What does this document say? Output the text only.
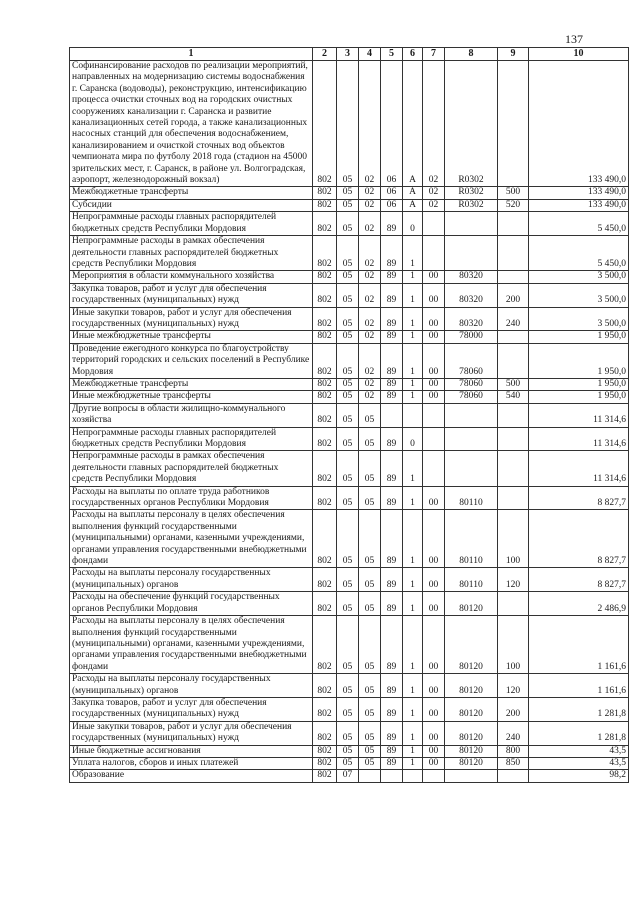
137
1	2	3	4	5	6	7	8	9	10
Софинансирование расходов по реализации мероприятий, направленных на модернизацию системы водоснабжения г. Саранска (водоводы), реконструкцию, интенсификацию процесса очистки сточных вод на городских очистных сооружениях канализации г. Саранска и развитие канализационных сетей города, а также канализационных насосных станций для обеспечения водоснабжением, канализированием и очисткой сточных вод объектов чемпионата мира по футболу 2018 года (стадион на 45000 зрительских мест, г. Саранск, в районе ул. Волгоградская, аэропорт, железнодорожный вокзал)	802	05	02	06	A	02	R0302		133 490,0
Межбюджетные трансферты	802	05	02	06	A	02	R0302	500	133 490,0
Субсидии	802	05	02	06	A	02	R0302	520	133 490,0
Непрограммные расходы главных распорядителей бюджетных средств Республики Мордовия	802	05	02	89	0				5 450,0
Непрограммные расходы в рамках обеспечения деятельности главных распорядителей бюджетных средств Республики Мордовия	802	05	02	89	1				5 450,0
Мероприятия в области коммунального хозяйства	802	05	02	89	1	00	80320		3 500,0
Закупка товаров, работ и услуг для обеспечения государственных (муниципальных) нужд	802	05	02	89	1	00	80320	200	3 500,0
Иные закупки товаров, работ и услуг для обеспечения государственных (муниципальных) нужд	802	05	02	89	1	00	80320	240	3 500,0
Иные межбюджетные трансферты	802	05	02	89	1	00	78000		1 950,0
Проведение ежегодного конкурса по благоустройству территорий городских и сельских поселений в Республике Мордовия	802	05	02	89	1	00	78060		1 950,0
Межбюджетные трансферты	802	05	02	89	1	00	78060	500	1 950,0
Иные межбюджетные трансферты	802	05	02	89	1	00	78060	540	1 950,0
Другие вопросы в области жилищно-коммунального хозяйства	802	05	05						11 314,6
Непрограммные расходы главных распорядителей бюджетных средств Республики Мордовия	802	05	05	89	0				11 314,6
Непрограммные расходы в рамках обеспечения деятельности главных распорядителей бюджетных средств Республики Мордовия	802	05	05	89	1				11 314,6
Расходы на выплаты по оплате труда работников государственных органов Республики Мордовия	802	05	05	89	1	00	80110		8 827,7
Расходы на выплаты персоналу в целях обеспечения выполнения функций государственными (муниципальными) органами, казенными учреждениями, органами управления государственными внебюджетными фондами	802	05	05	89	1	00	80110	100	8 827,7
Расходы на выплаты персоналу государственных (муниципальных) органов	802	05	05	89	1	00	80110	120	8 827,7
Расходы на обеспечение функций государственных органов Республики Мордовия	802	05	05	89	1	00	80120		2 486,9
Расходы на выплаты персоналу в целях обеспечения выполнения функций государственными (муниципальными) органами, казенными учреждениями, органами управления государственными внебюджетными фондами	802	05	05	89	1	00	80120	100	1 161,6
Расходы на выплаты персоналу государственных (муниципальных) органов	802	05	05	89	1	00	80120	120	1 161,6
Закупка товаров, работ и услуг для обеспечения государственных (муниципальных) нужд	802	05	05	89	1	00	80120	200	1 281,8
Иные закупки товаров, работ и услуг для обеспечения государственных (муниципальных) нужд	802	05	05	89	1	00	80120	240	1 281,8
Иные бюджетные ассигнования	802	05	05	89	1	00	80120	800	43,5
Уплата налогов, сборов и иных платежей	802	05	05	89	1	00	80120	850	43,5
Образование	802	07							98,2
